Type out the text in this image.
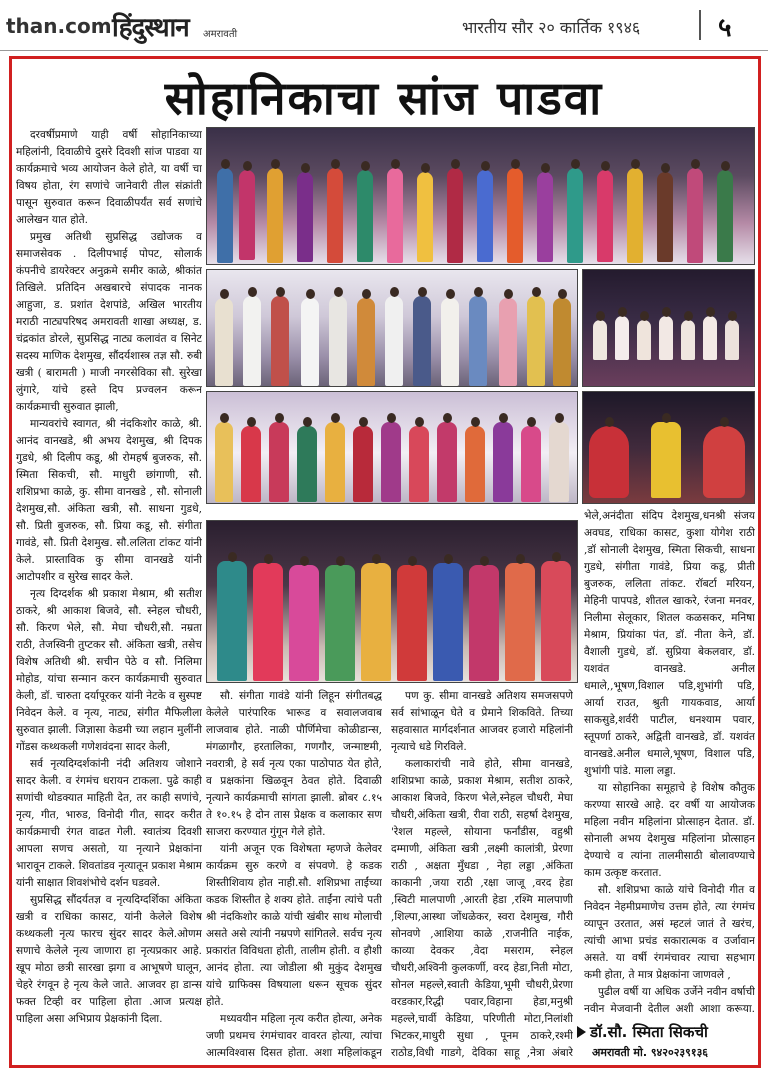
than.com हिंदुस्थान अमरावती	भारतीय सौर २० कार्तिक १९४६	५
सोहानिकाचा सांज पाडवा

दरवर्षीप्रमाणे याही वर्षी सोहानिकाच्या महिलांनी, दिवाळीचे दुसरे दिवशी सांज पाडवा या कार्यक्रमाचे भव्य आयोजन केले होते, या वर्षी चा विषय होता, रंग सणांचे जानेवारी तील संक्रांती पासून सुरुवात करून दिवाळीपर्यंत सर्व सणांचे आलेखन यात होते.

प्रमुख अतिथी सुप्रसिद्ध उद्योजक व समाजसेवक . दिलीपभाई पोपट, सोलार्क कंपनीचे डायरेक्टर अनुक्रमे समीर काळे, श्रीकांत तिखिले. प्रतिदिन अखबारचे संपादक नानक आहुजा, ड. प्रशांत देशपांडे, अखिल भारतीय मराठी नाट्यपरिषद अमरावती शाखा अध्यक्ष, ड. चंद्रकांत डोरले, सुप्रसिद्ध नाट्य कलावंत व सिनेट सदस्य माणिक देशमुख, सौंदर्यशास्त्र तज्ञ सौ. रुबी खत्री ( बारामती ) माजी नगरसेविका सौ. सुरेखा लुंगारे, यांचे हस्ते दिप प्रज्वलन करून कार्यक्रमाची सुरुवात झाली,

मान्यवरांचे स्वागत, श्री नंदकिशोर काळे, श्री. आनंद वानखडे, श्री अभय देशमुख, श्री दिपक गुडधे, श्री दिलीप कडू, श्री रोमहर्ष बुजरुक, सौ. स्मिता सिकची, सौ. माधुरी छांगाणी, सौ. शशिप्रभा काळे, कु. सीमा वानखडे , सौ. सोनाली देशमुख,सौ. अंकिता खत्री, सौ. साधना गुडधे, सौ. प्रिती बुजरुक, सौ. प्रिया कडू, सौ. संगीता गावंडे, सौ. प्रिती देशमुख. सौ.ललिता टांकट यांनी केले. प्रास्ताविक कु सीमा वानखडे यांनी आटोपशीर व सुरेख सादर केले.

नृत्य दिग्दर्शक श्री प्रकाश मेश्राम, श्री सतीश ठाकरे, श्री आकाश बिजवे, सौ. स्नेहल चौधरी, सौ. किरण भेले, सौ. मेघा चौधरी,सौ. नम्रता राठी, तेजस्विनी तुप्टकर सौ. अंकिता खत्री, तसेच विशेष अतिथी श्री. सचीन पेठे व सौ. निलिमा मोहोड, यांचा सन्मान करन कार्यक्रमाची सुरुवात केली, डॉ. चारुता दर्यापूरकर यांनी नेटके व सुस्पष्ट निवेदन केले. व नृत्य, नाट्य, संगीत मैफिलीला सुरुवात झाली. जिज्ञासा केडमी च्या लहान मुलींनी गोंडस कथ्थकली गणेशवंदना सादर केली,

सर्व नृत्यदिग्दर्शकांनी नंदी अतिशय जोशाने सादर केली. व रंगमंच धरायन टाकला. पुढे काही सणांची थोडक्यात माहिती देत, तर काही सणांचे, नृत्य, गीत, भारुड, विनोदी गीत, सादर करीत कार्यक्रमाची रंगत वाढत गेली. स्वातंत्र्य दिवशी आपला सणच असतो, या नृत्याने प्रेक्षकांना भारावून टाकले. शिवतांडव नृत्यातून प्रकाश मेश्राम यांनी साक्षात शिवशंभोचे दर्शन घडवले.

सुप्रसिद्ध सौंदर्यतज्ञ व नृत्यदिग्दर्शिका अंकिता खत्री व राधिका कासट, यांनी केलेले विशेष कथ्थकली नृत्य फारच सुंदर सादर केले.ओणम सणाचे केलेले नृत्य जाणारा हा नृत्यप्रकार आहे. खूप मोठा छत्री सारखा झगा व आभूषणे घालून, चेहरे रंगवून हे नृत्य केले जाते. आजवर हा डान्स फक्त टिव्ही वर पाहिला होता .आज प्रत्यक्ष पाहिला असा अभिप्राय प्रेक्षकांनी दिला.

सौ. संगीता गावंडे यांनी लिहून संगीतबद्ध केलेले पारंपारिक भारूड व सवालजवाब लाजवाब होते. नाळी पौर्णिमेचा कोळीडान्स, मंगळागौर, हरतालिका, गणगौर, जन्माष्टमी, नवरात्री, हे सर्व नृत्य एका पाठोपाठ येत होते, व प्रक्षकांना खिळवून ठेवत होते. दिवाळी नृत्याने कार्यक्रमाची सांगता झाली. ब्रोबर ८.१५ ते १०.१५ हे दोन तास प्रेक्षक व कलाकार सण साजरा करण्यात गुंगून गेले होते.

यांनी अजून एक विशेषता म्हणजे केलेवर कार्यक्रम सुरु करणे व संपवणे. हे कडक शिस्तीशिवाय होत नाही.सौ. शशिप्रभा ताईंच्या कडक शिस्तीत हे शक्य होते. ताईंना त्यांचे पती श्री नंदकिशोर काळे यांची खंबीर साथ मोलाची असते असे त्यांनी नम्रपणे सांगितले. सर्वच नृत्य प्रकारांत विविधता होती, तालीम होती. व हौशी आनंद होता. त्या जोडीला श्री मुकुंद देशमुख यांचे ग्राफिक्स विषयाला धरून सूचक सुंदर होते.

मध्यवयीन महिला नृत्य करीत होत्या, अनेक जणी प्रथमच रंगमंचावर वावरत होत्या, त्यांचा आत्मविश्वास दिसत होता. अशा महिलांकडून

पण कु. सीमा वानखडे अतिशय समजसपणे सर्व सांभाळून घेते व प्रेमाने शिकविते. तिच्या सहवासात मार्गदर्शनात आजवर हजारो महिलांनी नृत्याचे धडे गिरविले.

कलाकारांची नावे होते, सीमा वानखडे, शशिप्रभा काळे, प्रकाश मेश्राम, सतीश ठाकरे, आकाश बिजवे, किरण भेले,स्नेहल चौधरी, मेघा चौधरी,अंकिता खत्री, रीवा राठी, सहर्षा देशमुख, 'रेशल महल्ले, सोयाना फर्नांडीस, वहुश्री दम्माणी, अंकिता खत्री ,लक्ष्मी कालांत्री, प्रेरणा राठी , अक्षता मुँधडा , नेहा लड्डा ,अंकिता काकानी ,जया राठी ,रक्षा जाजू ,वरद हेडा ,स्विटी मालपाणी ,आरती हेडा ,रश्मि मालपाणी ,शिल्पा,आस्था जोंधळेकर, स्वरा देशमुख, गौरी सोनवणे ,आशिया काळे ,राजनीति नाईक, काव्या देवकर ,वेदा मसराम, स्नेहल चौधरी,अश्विनी कुलकर्णी, वरद हेडा,निती मोटा, सोनल महल्ले,स्वाती केडिया,भूमी चौधरी,प्रेरणा वरडकार,रिद्धी पवार,विहाना हेडा,मनुश्री महल्ले,चार्वी केडिया, परिणीती मोटा,निलांशी भिटकर,माधुरी सुधा , पूनम ठाकरे,रश्मी राठोड,विधी गाडगे, देविका साहू ,नेत्रा अंबारे

भेले,अनंदीता संदिप देशमुख,धनश्री संजय अवघड, राधिका कासट, कुशा योगेश राठी ,डॉ सोनाली देशमुख, स्मिता सिकची, साधना गुडधे, संगीता गावंडे, प्रिया कडू, प्रीती बुजरुक, ललिता तांकट. रॉबर्टा मरियन, मेहिनी पापपडे, शीतल खाकरे, रंजना मनवर, निलीमा सेलूकार, शितल कळसकर, मनिषा मेश्राम, प्रियांका पंत, डॉ. नीता केने, डॉ. वैशाली गुडधे, डॉ. सुप्रिया बेकलवार, डॉ. यशवंत वानखडे. अनील धमाले,,भूषण,विशाल पडि,शुभांगी पडि, आर्या राउत, श्रुती गायकवाड, आर्या साकसुडे,शर्वरी पाटील, धनश्याम पवार, स्तूपर्णा ठाकरे, अद्विती वानखडे, डॉ. यशवंत वानखडे.अनील धमाले,भूषण, विशाल पडि, शुभांगी पांडे. माला लड्डा.

या सोहानिका समूहाचे हे विशेष कौतुक करण्या सारखे आहे. दर वर्षी या आयोजक महिला नवीन महिलांना प्रोत्साहन देतात. डॉ. सोनाली अभय देशमुख महिलांना प्रोत्साहन देण्याचे व त्यांना तालमीसाठी बोलावण्याचे काम उत्कृष्ट करतात.

सौ. शशिप्रभा काळे यांचे विनोदी गीत व निवेदन नेहमीप्रमाणेच उत्तम होते, त्या रंगमंच व्यापून उरतात, असं म्हटलं जातं ते खरंच, त्यांची आभा प्रचंड सकारात्मक व उर्जावान असते. या वर्षी रंगमंचावर त्याचा सहभाग कमी होता, ते मात्र प्रेक्षकांना जाणवले ,

पुढील वर्षी या अधिक उर्जेने नवीन वर्षाची नवीन मेजवानी देतील अशी आशा करूया.

डॉ.सौ. स्मिता सिकची
अमरावती मो. ९४२०२३९१३६
